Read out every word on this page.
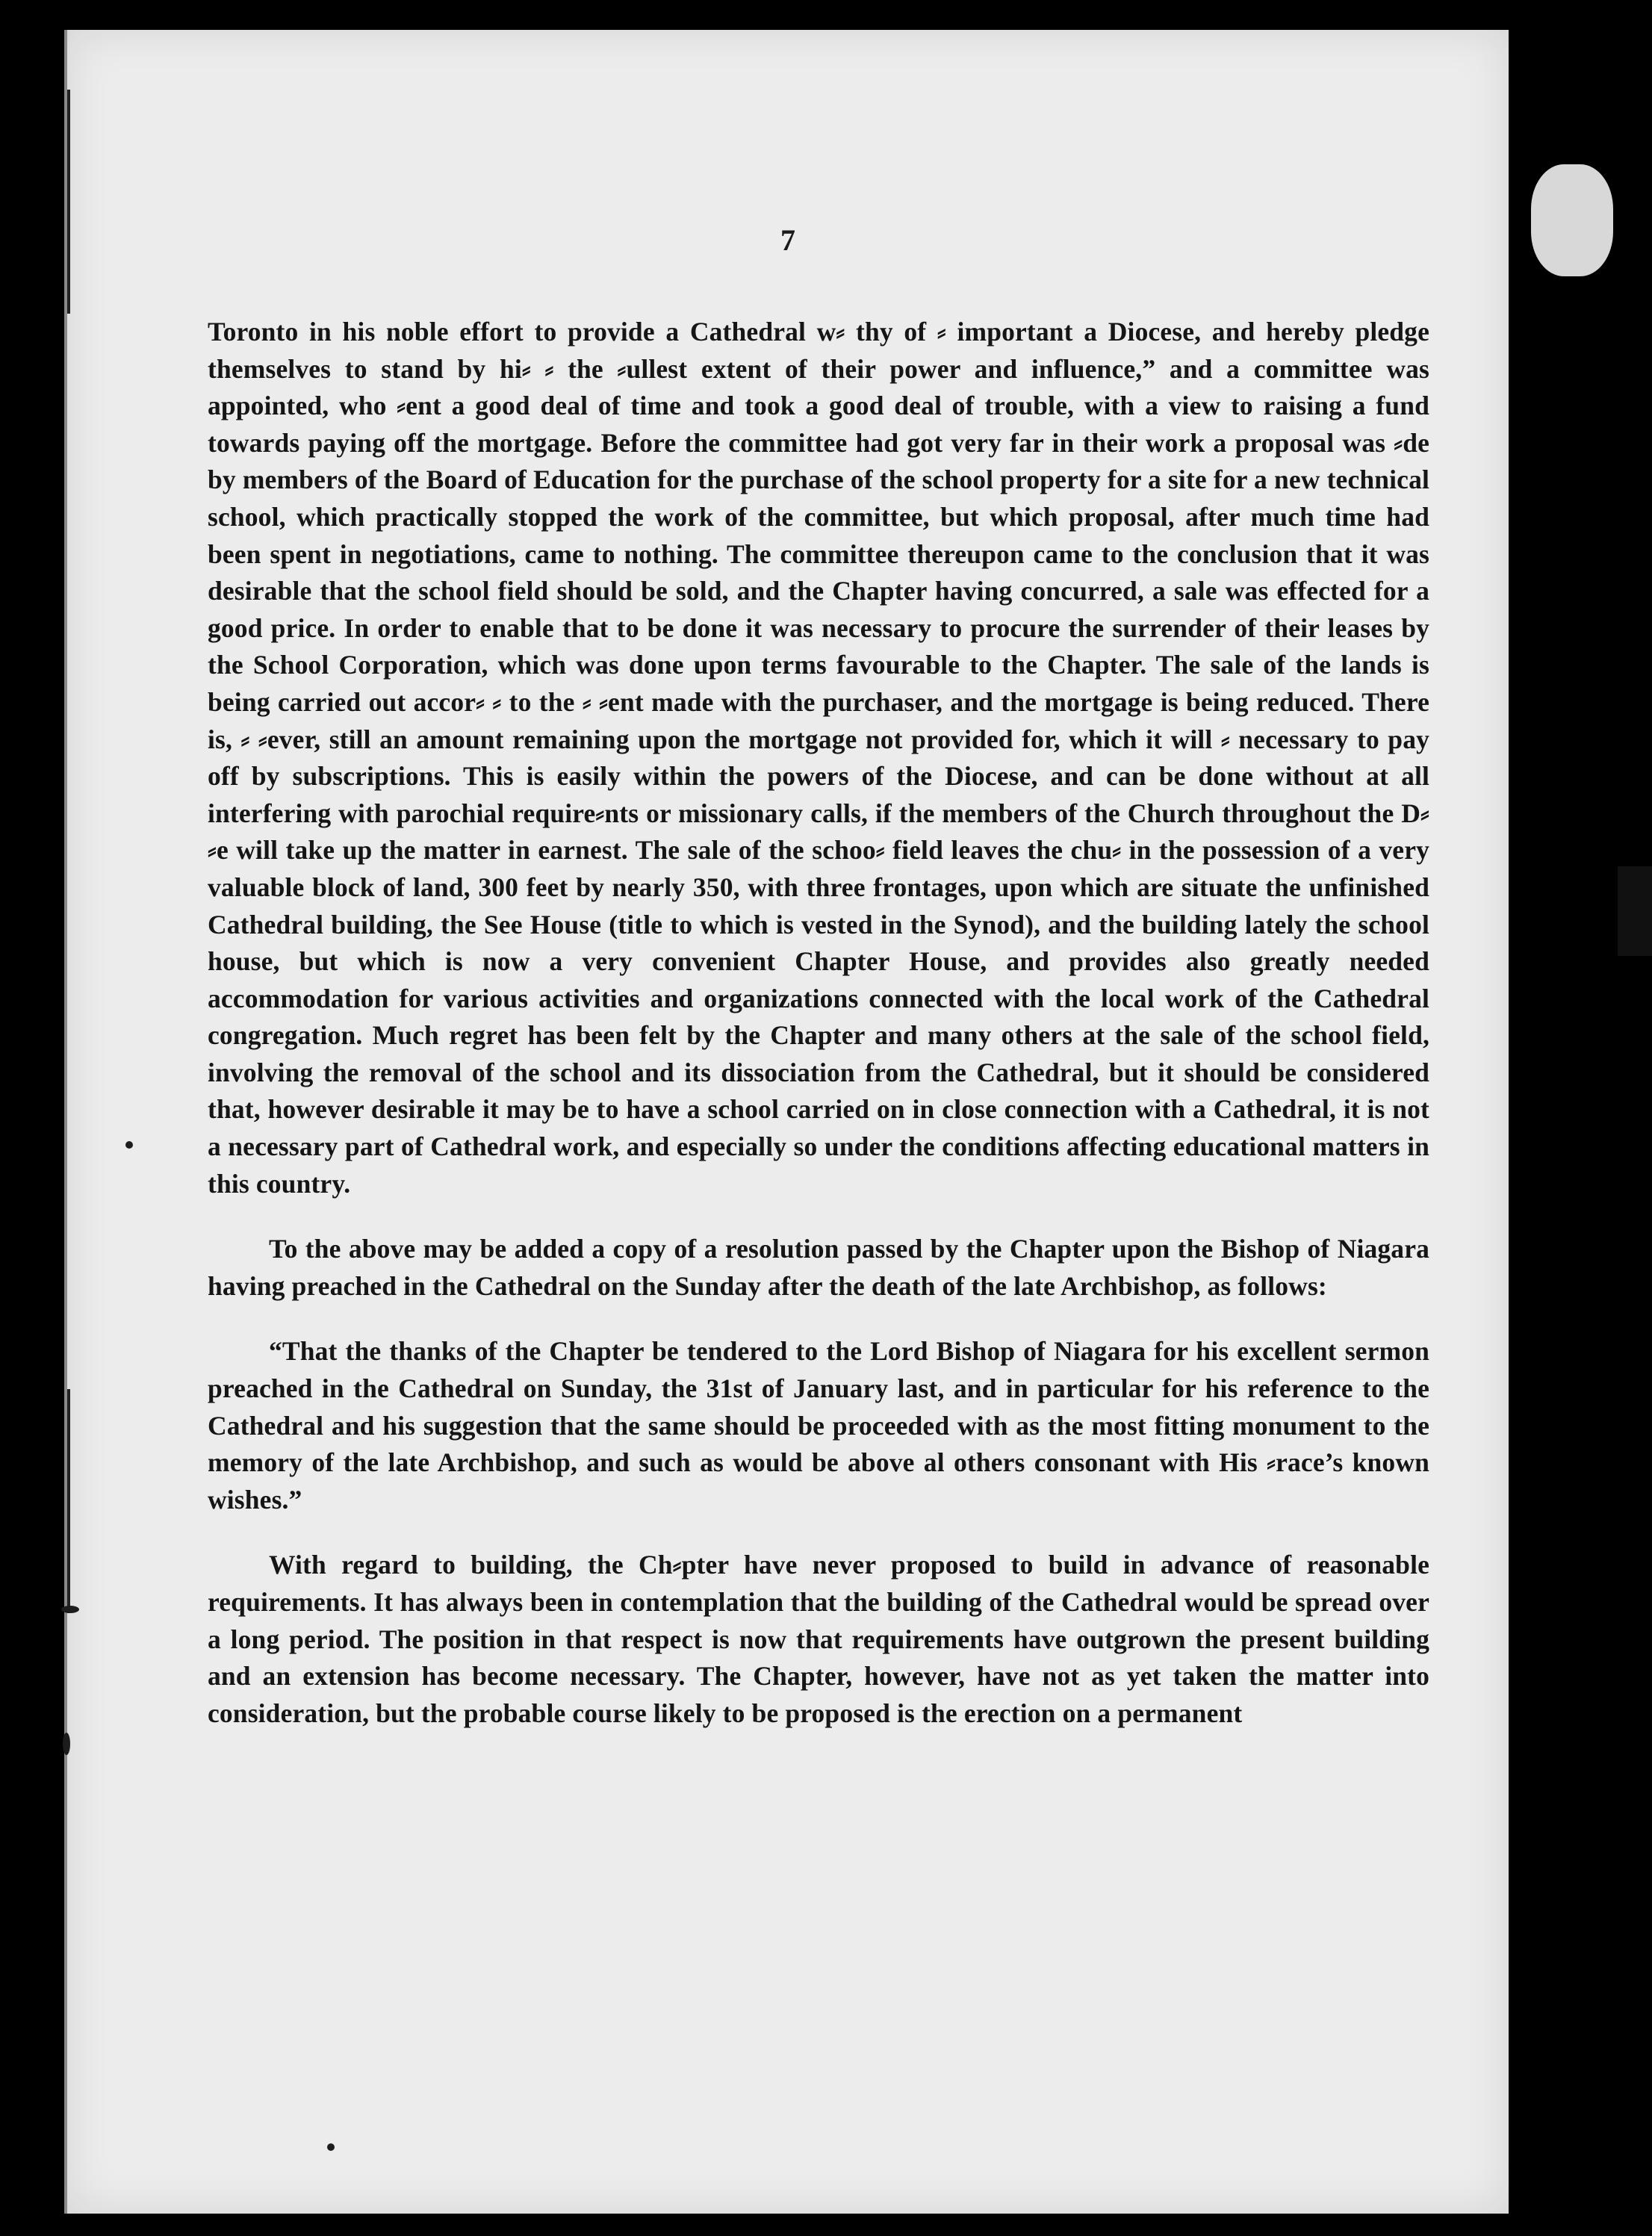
7

Toronto in his noble effort to provide a Cathedral w⸗ thy of ⸗ important a Diocese, and hereby pledge themselves to stand by hi⸗ ⸗ the ⸗ullest extent of their power and influence,” and a committee was appointed, who ⸗ent a good deal of time and took a good deal of trouble, with a view to raising a fund towards paying off the mortgage. Before the committee had got very far in their work a proposal was ⸗de by members of the Board of Education for the purchase of the school property for a site for a new technical school, which practically stopped the work of the committee, but which proposal, after much time had been spent in negotiations, came to nothing. The committee thereupon came to the conclusion that it was desirable that the school field should be sold, and the Chapter having concurred, a sale was effected for a good price. In order to enable that to be done it was necessary to procure the surrender of their leases by the School Corporation, which was done upon terms favourable to the Chapter. The sale of the lands is being carried out accor⸗ ⸗ to the ⸗ ⸗ent made with the purchaser, and the mortgage is being reduced. There is, ⸗ ⸗ever, still an amount remaining upon the mortgage not provided for, which it will ⸗ necessary to pay off by subscriptions. This is easily within the powers of the Diocese, and can be done without at all interfering with parochial require⸗nts or missionary calls, if the members of the Church throughout the D⸗ ⸗e will take up the matter in earnest. The sale of the schoo⸗ field leaves the chu⸗ in the possession of a very valuable block of land, 300 feet by nearly 350, with three frontages, upon which are situate the unfinished Cathedral building, the See House (title to which is vested in the Synod), and the building lately the school house, but which is now a very convenient Chapter House, and provides also greatly needed accommodation for various activities and organizations connected with the local work of the Cathedral congregation. Much regret has been felt by the Chapter and many others at the sale of the school field, involving the removal of the school and its dissociation from the Cathedral, but it should be considered that, however desirable it may be to have a school carried on in close connection with a Cathedral, it is not a necessary part of Cathedral work, and especially so under the conditions affecting educational matters in this country.

To the above may be added a copy of a resolution passed by the Chapter upon the Bishop of Niagara having preached in the Cathedral on the Sunday after the death of the late Archbishop, as follows:

“That the thanks of the Chapter be tendered to the Lord Bishop of Niagara for his excellent sermon preached in the Cathedral on Sunday, the 31st of January last, and in particular for his reference to the Cathedral and his suggestion that the same should be proceeded with as the most fitting monument to the memory of the late Archbishop, and such as would be above al others consonant with His ⸗race’s known wishes.”

With regard to building, the Ch⸗pter have never proposed to build in advance of reasonable requirements. It has always been in contemplation that the building of the Cathedral would be spread over a long period. The position in that respect is now that requirements have outgrown the present building and an extension has become necessary. The Chapter, however, have not as yet taken the matter into consideration, but the probable course likely to be proposed is the erection on a permanent
